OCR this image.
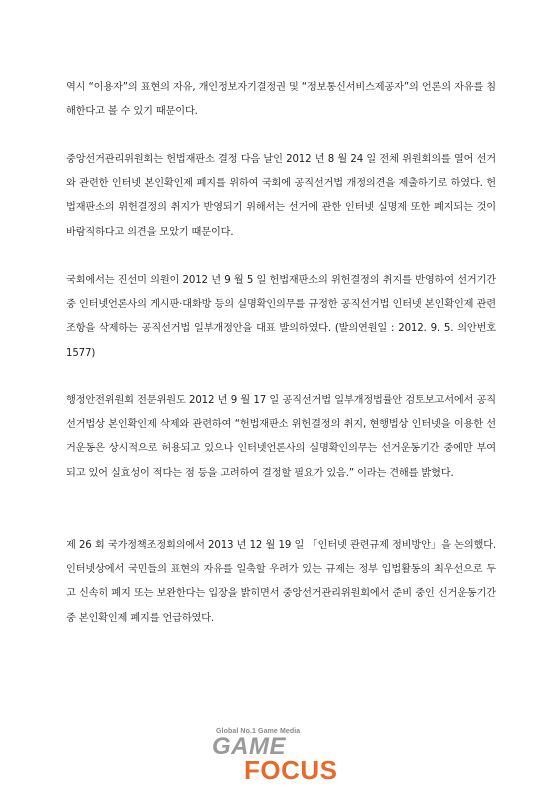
역시 “이용자”의 표현의 자유, 개인정보자기결정권 및 “정보통신서비스제공자”의 언론의 자유를 침해한다고 볼 수 있기 때문이다.

중앙선거관리위원회는 헌법재판소 결정 다음 날인 2012 년 8 월 24 일 전체 위원회의를 열어 선거와 관련한 인터넷 본인확인제 폐지를 위하여 국회에 공직선거법 개정의견을 제출하기로 하였다. 헌법재판소의 위헌결정의 취지가 반영되기 위해서는 선거에 관한 인터넷 실명제 또한 폐지되는 것이 바람직하다고 의견을 모았기 때문이다.

국회에서는 진선미 의원이 2012 년 9 월 5 일 헌법재판소의 위헌결정의 취지를 반영하여 선거기간 중 인터넷언론사의 게시판·대화방 등의 실명확인의무를 규정한 공직선거법 인터넷 본인확인제 관련 조항을 삭제하는 공직선거법 일부개정안을 대표 발의하였다. (발의연원일 : 2012. 9. 5. 의안번호 1577)

행정안전위원회 전문위원도 2012 년 9 월 17 일 공직선거법 일부개정법률안 검토보고서에서 공직선거법상 본인확인제 삭제와 관련하여 “헌법재판소 위헌결정의 취지, 현행법상 인터넷을 이용한 선거운동은 상시적으로 허용되고 있으나 인터넷언론사의 실명확인의무는 선거운동기간 중에만 부여되고 있어 실효성이 적다는 점 등을 고려하여 결정할 필요가 있음.” 이라는 견해를 밝혔다.

제 26 회 국가정책조정회의에서 2013 년 12 월 19 일 「인터넷 관련규제 정비방안」을 논의했다. 인터넷상에서 국민들의 표현의 자유를 일축할 우려가 있는 규제는 정부 입법활동의 최우선으로 두고 신속히 폐지 또는 보완한다는 입장을 밝히면서 중앙선거관리위원회에서 준비 중인 신거운동기간 중 본인확인제 폐지를 언급하였다.

Global No.1 Game Media
GAME
FOCUS
